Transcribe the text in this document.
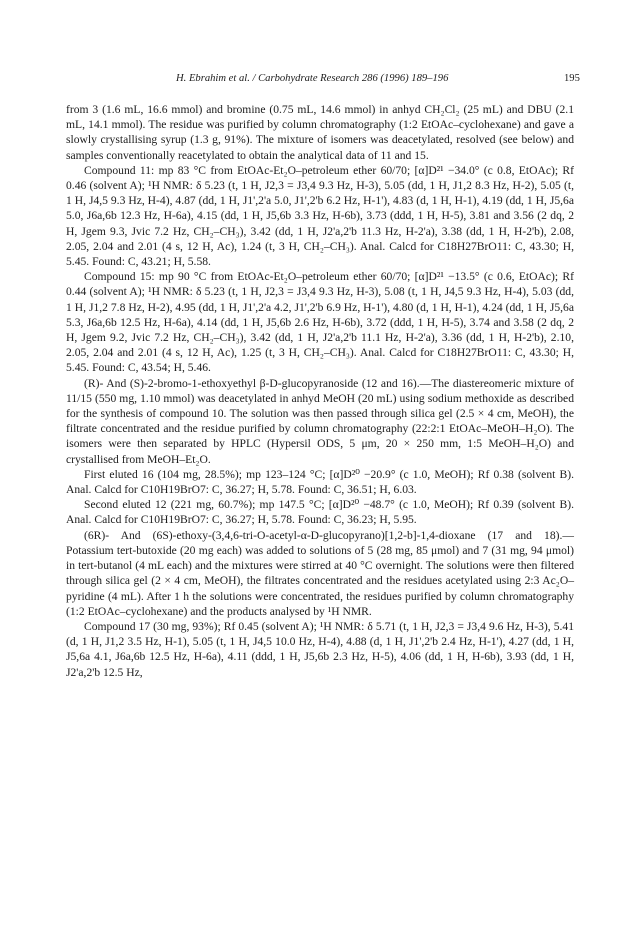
H. Ebrahim et al. / Carbohydrate Research 286 (1996) 189–196	195

from 3 (1.6 mL, 16.6 mmol) and bromine (0.75 mL, 14.6 mmol) in anhyd CH₂Cl₂ (25 mL) and DBU (2.1 mL, 14.1 mmol). The residue was purified by column chromatography (1:2 EtOAc–cyclohexane) and gave a slowly crystallising syrup (1.3 g, 91%). The mixture of isomers was deacetylated, resolved (see below) and samples conventionally reacetylated to obtain the analytical data of 11 and 15.

Compound 11: mp 83 °C from EtOAc-Et₂O–petroleum ether 60/70; [α]D²¹ −34.0° (c 0.8, EtOAc); Rf 0.46 (solvent A); ¹H NMR: δ 5.23 (t, 1 H, J2,3 = J3,4 9.3 Hz, H-3), 5.05 (dd, 1 H, J1,2 8.3 Hz, H-2), 5.05 (t, 1 H, J4,5 9.3 Hz, H-4), 4.87 (dd, 1 H, J1',2'a 5.0, J1',2'b 6.2 Hz, H-1'), 4.83 (d, 1 H, H-1), 4.19 (dd, 1 H, J5,6a 5.0, J6a,6b 12.3 Hz, H-6a), 4.15 (dd, 1 H, J5,6b 3.3 Hz, H-6b), 3.73 (ddd, 1 H, H-5), 3.81 and 3.56 (2 dq, 2 H, Jgem 9.3, Jvic 7.2 Hz, CH₂–CH₃), 3.42 (dd, 1 H, J2'a,2'b 11.3 Hz, H-2'a), 3.38 (dd, 1 H, H-2'b), 2.08, 2.05, 2.04 and 2.01 (4 s, 12 H, Ac), 1.24 (t, 3 H, CH₂–CH₃). Anal. Calcd for C18H27BrO11: C, 43.30; H, 5.45. Found: C, 43.21; H, 5.58.

Compound 15: mp 90 °C from EtOAc-Et₂O–petroleum ether 60/70; [α]D²¹ −13.5° (c 0.6, EtOAc); Rf 0.44 (solvent A); ¹H NMR: δ 5.23 (t, 1 H, J2,3 = J3,4 9.3 Hz, H-3), 5.08 (t, 1 H, J4,5 9.3 Hz, H-4), 5.03 (dd, 1 H, J1,2 7.8 Hz, H-2), 4.95 (dd, 1 H, J1',2'a 4.2, J1',2'b 6.9 Hz, H-1'), 4.80 (d, 1 H, H-1), 4.24 (dd, 1 H, J5,6a 5.3, J6a,6b 12.5 Hz, H-6a), 4.14 (dd, 1 H, J5,6b 2.6 Hz, H-6b), 3.72 (ddd, 1 H, H-5), 3.74 and 3.58 (2 dq, 2 H, Jgem 9.2, Jvic 7.2 Hz, CH₂–CH₃), 3.42 (dd, 1 H, J2'a,2'b 11.1 Hz, H-2'a), 3.36 (dd, 1 H, H-2'b), 2.10, 2.05, 2.04 and 2.01 (4 s, 12 H, Ac), 1.25 (t, 3 H, CH₂–CH₃). Anal. Calcd for C18H27BrO11: C, 43.30; H, 5.45. Found: C, 43.54; H, 5.46.

(R)- And (S)-2-bromo-1-ethoxyethyl β-D-glucopyranoside (12 and 16).—The diastereomeric mixture of 11/15 (550 mg, 1.10 mmol) was deacetylated in anhyd MeOH (20 mL) using sodium methoxide as described for the synthesis of compound 10. The solution was then passed through silica gel (2.5 × 4 cm, MeOH), the filtrate concentrated and the residue purified by column chromatography (22:2:1 EtOAc–MeOH–H₂O). The isomers were then separated by HPLC (Hypersil ODS, 5 μm, 20 × 250 mm, 1:5 MeOH–H₂O) and crystallised from MeOH–Et₂O.

First eluted 16 (104 mg, 28.5%); mp 123–124 °C; [α]D²⁰ −20.9° (c 1.0, MeOH); Rf 0.38 (solvent B). Anal. Calcd for C10H19BrO7: C, 36.27; H, 5.78. Found: C, 36.51; H, 6.03.

Second eluted 12 (221 mg, 60.7%); mp 147.5 °C; [α]D²⁰ −48.7° (c 1.0, MeOH); Rf 0.39 (solvent B). Anal. Calcd for C10H19BrO7: C, 36.27; H, 5.78. Found: C, 36.23; H, 5.95.

(6R)- And (6S)-ethoxy-(3,4,6-tri-O-acetyl-α-D-glucopyrano)[1,2-b]-1,4-dioxane (17 and 18).—Potassium tert-butoxide (20 mg each) was added to solutions of 5 (28 mg, 85 μmol) and 7 (31 mg, 94 μmol) in tert-butanol (4 mL each) and the mixtures were stirred at 40 °C overnight. The solutions were then filtered through silica gel (2 × 4 cm, MeOH), the filtrates concentrated and the residues acetylated using 2:3 Ac₂O–pyridine (4 mL). After 1 h the solutions were concentrated, the residues purified by column chromatography (1:2 EtOAc–cyclohexane) and the products analysed by ¹H NMR.

Compound 17 (30 mg, 93%); Rf 0.45 (solvent A); ¹H NMR: δ 5.71 (t, 1 H, J2,3 = J3,4 9.6 Hz, H-3), 5.41 (d, 1 H, J1,2 3.5 Hz, H-1), 5.05 (t, 1 H, J4,5 10.0 Hz, H-4), 4.88 (d, 1 H, J1',2'b 2.4 Hz, H-1'), 4.27 (dd, 1 H, J5,6a 4.1, J6a,6b 12.5 Hz, H-6a), 4.11 (ddd, 1 H, J5,6b 2.3 Hz, H-5), 4.06 (dd, 1 H, H-6b), 3.93 (dd, 1 H, J2'a,2'b 12.5 Hz,
